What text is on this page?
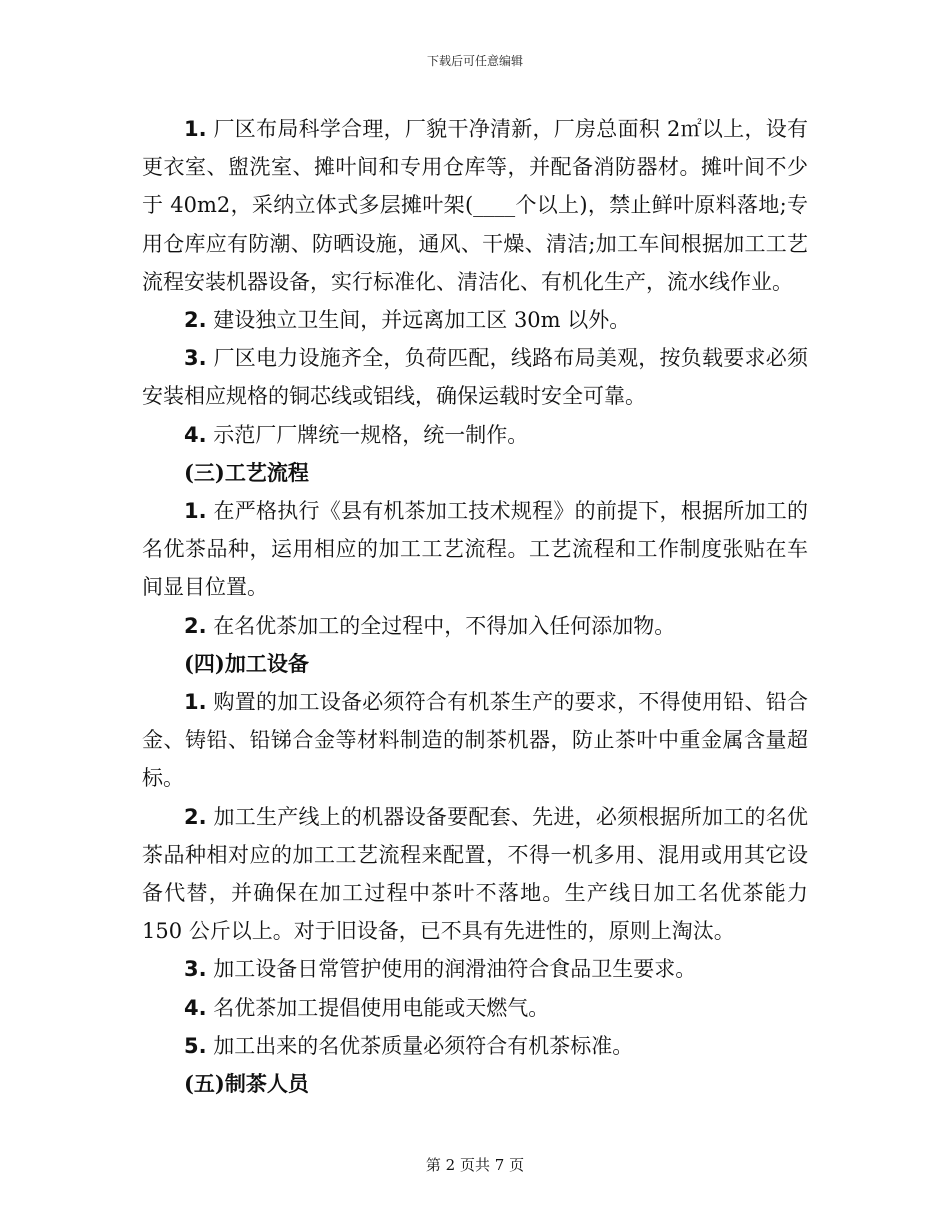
下载后可任意编辑

1. 厂区布局科学合理，厂貌干净清新，厂房总面积 2㎡以上，设有更衣室、盥洗室、摊叶间和专用仓库等，并配备消防器材。摊叶间不少于 40m2，采纳立体式多层摊叶架(____个以上)，禁止鲜叶原料落地;专用仓库应有防潮、防晒设施，通风、干燥、清洁;加工车间根据加工工艺流程安装机器设备，实行标准化、清洁化、有机化生产，流水线作业。

2. 建设独立卫生间，并远离加工区 30m 以外。

3. 厂区电力设施齐全，负荷匹配，线路布局美观，按负载要求必须安装相应规格的铜芯线或铝线，确保运载时安全可靠。

4. 示范厂厂牌统一规格，统一制作。

(三)工艺流程

1. 在严格执行《县有机茶加工技术规程》的前提下，根据所加工的名优茶品种，运用相应的加工工艺流程。工艺流程和工作制度张贴在车间显目位置。

2. 在名优茶加工的全过程中，不得加入任何添加物。

(四)加工设备

1. 购置的加工设备必须符合有机茶生产的要求，不得使用铅、铅合金、铸铅、铅锑合金等材料制造的制茶机器，防止茶叶中重金属含量超标。

2. 加工生产线上的机器设备要配套、先进，必须根据所加工的名优茶品种相对应的加工工艺流程来配置，不得一机多用、混用或用其它设备代替，并确保在加工过程中茶叶不落地。生产线日加工名优茶能力 150 公斤以上。对于旧设备，已不具有先进性的，原则上淘汰。

3. 加工设备日常管护使用的润滑油符合食品卫生要求。

4. 名优茶加工提倡使用电能或天燃气。

5. 加工出来的名优茶质量必须符合有机茶标准。

(五)制茶人员

第 2 页共 7 页
